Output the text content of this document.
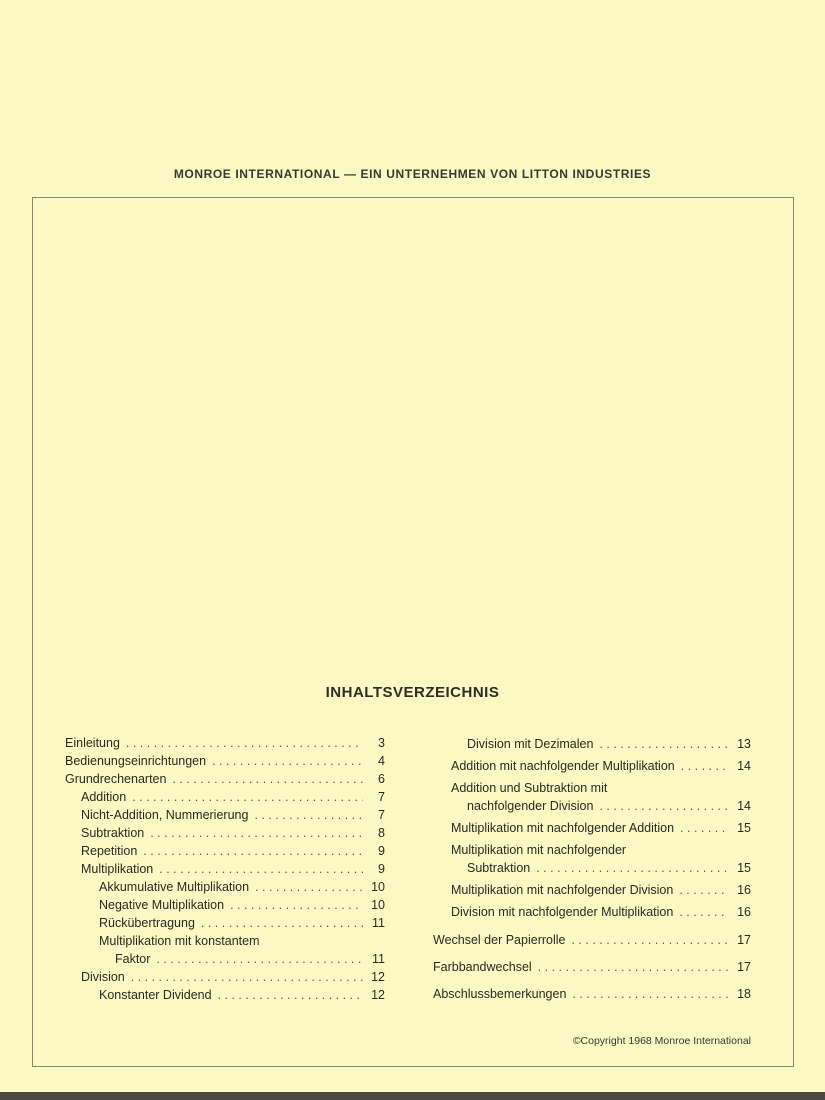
MONROE INTERNATIONAL — EIN UNTERNEHMEN VON LITTON INDUSTRIES
INHALTSVERZEICHNIS
Einleitung . . .	3
Bedienungseinrichtungen . . .	4
Grundrechenarten . . .	6
Addition . . .	7
Nicht-Addition, Nummerierung . . .	7
Subtraktion . . .	8
Repetition . . .	9
Multiplikation . . .	9
Akkumulative Multiplikation . . .	10
Negative Multiplikation . . .	10
Rückübertragung . . .	11
Multiplikation mit konstantem
Faktor . . .	11
Division . . .	12
Konstanter Dividend . . .	12
Division mit Dezimalen . . .	13
Addition mit nachfolgender Multiplikation . . .	14
Addition und Subtraktion mit
nachfolgender Division . . .	14
Multiplikation mit nachfolgender Addition . . .	15
Multiplikation mit nachfolgender
Subtraktion . . .	15
Multiplikation mit nachfolgender Division . . .	16
Division mit nachfolgender Multiplikation . . .	16
Wechsel der Papierrolle . . .	17
Farbbandwechsel . . .	17
Abschlussbemerkungen . . .	18
©Copyright 1968 Monroe International
